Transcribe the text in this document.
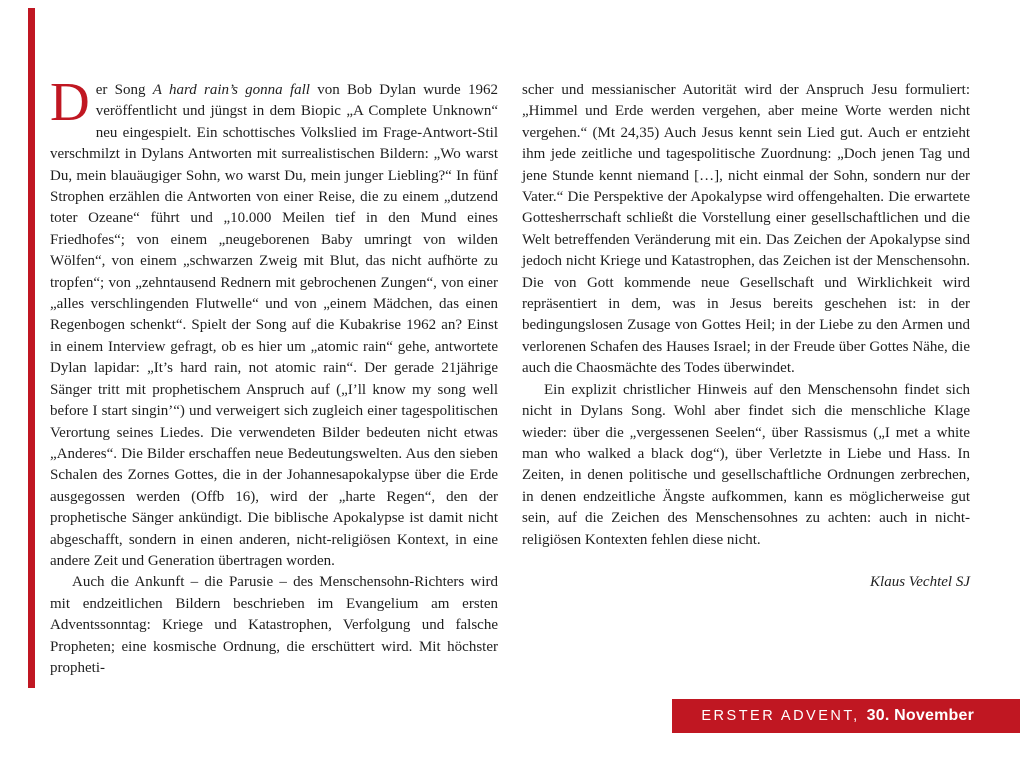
Der Song A hard rain’s gonna fall von Bob Dylan wurde 1962 veröffentlicht und jüngst in dem Biopic „A Complete Unknown“ neu eingespielt. Ein schottisches Volkslied im Frage-Antwort-Stil verschmilzt in Dylans Antworten mit surrealistischen Bildern: „Wo warst Du, mein blauäugiger Sohn, wo warst Du, mein junger Liebling?“ In fünf Strophen erzählen die Antworten von einer Reise, die zu einem „dutzend toter Ozeane“ führt und „10.000 Meilen tief in den Mund eines Friedhofes“; von einem „neugeborenen Baby umringt von wilden Wölfen“, von einem „schwarzen Zweig mit Blut, das nicht aufhörte zu tropfen“; von „zehntausend Rednern mit gebrochenen Zungen“, von einer „alles verschlingenden Flutwelle“ und von „einem Mädchen, das einen Regenbogen schenkt“. Spielt der Song auf die Kubakrise 1962 an? Einst in einem Interview gefragt, ob es hier um „atomic rain“ gehe, antwortete Dylan lapidar: „It’s hard rain, not atomic rain“. Der gerade 21jährige Sänger tritt mit prophetischem Anspruch auf („I’ll know my song well before I start singin’“) und verweigert sich zugleich einer tagespolitischen Verortung seines Liedes. Die verwendeten Bilder bedeuten nicht etwas „Anderes“. Die Bilder erschaffen neue Bedeutungswelten. Aus den sieben Schalen des Zornes Gottes, die in der Johannesapokalypse über die Erde ausgegossen werden (Offb 16), wird der „harte Regen“, den der prophetische Sänger ankündigt. Die biblische Apokalypse ist damit nicht abgeschafft, sondern in einen anderen, nicht-religiösen Kontext, in eine andere Zeit und Generation übertragen worden.

Auch die Ankunft – die Parusie – des Menschensohn-Richters wird mit endzeitlichen Bildern beschrieben im Evangelium am ersten Adventssonntag: Kriege und Katastrophen, Verfolgung und falsche Propheten; eine kosmische Ordnung, die erschüttert wird. Mit höchster propheti-

scher und messianischer Autorität wird der Anspruch Jesu formuliert: „Himmel und Erde werden vergehen, aber meine Worte werden nicht vergehen.“ (Mt 24,35) Auch Jesus kennt sein Lied gut. Auch er entzieht ihm jede zeitliche und tagespolitische Zuordnung: „Doch jenen Tag und jene Stunde kennt niemand […], nicht einmal der Sohn, sondern nur der Vater.“ Die Perspektive der Apokalypse wird offengehalten. Die erwartete Gottesherrschaft schließt die Vorstellung einer gesellschaftlichen und die Welt betreffenden Veränderung mit ein. Das Zeichen der Apokalypse sind jedoch nicht Kriege und Katastrophen, das Zeichen ist der Menschensohn. Die von Gott kommende neue Gesellschaft und Wirklichkeit wird repräsentiert in dem, was in Jesus bereits geschehen ist: in der bedingungslosen Zusage von Gottes Heil; in der Liebe zu den Armen und verlorenen Schafen des Hauses Israel; in der Freude über Gottes Nähe, die auch die Chaosmächte des Todes überwindet.

Ein explizit christlicher Hinweis auf den Menschensohn findet sich nicht in Dylans Song. Wohl aber findet sich die menschliche Klage wieder: über die „vergessenen Seelen“, über Rassismus („I met a white man who walked a black dog“), über Verletzte in Liebe und Hass. In Zeiten, in denen politische und gesellschaftliche Ordnungen zerbrechen, in denen endzeitliche Ängste aufkommen, kann es möglicherweise gut sein, auf die Zeichen des Menschensohnes zu achten: auch in nicht-religiösen Kontexten fehlen diese nicht.

Klaus Vechtel SJ

ERSTER ADVENT, 30. November
